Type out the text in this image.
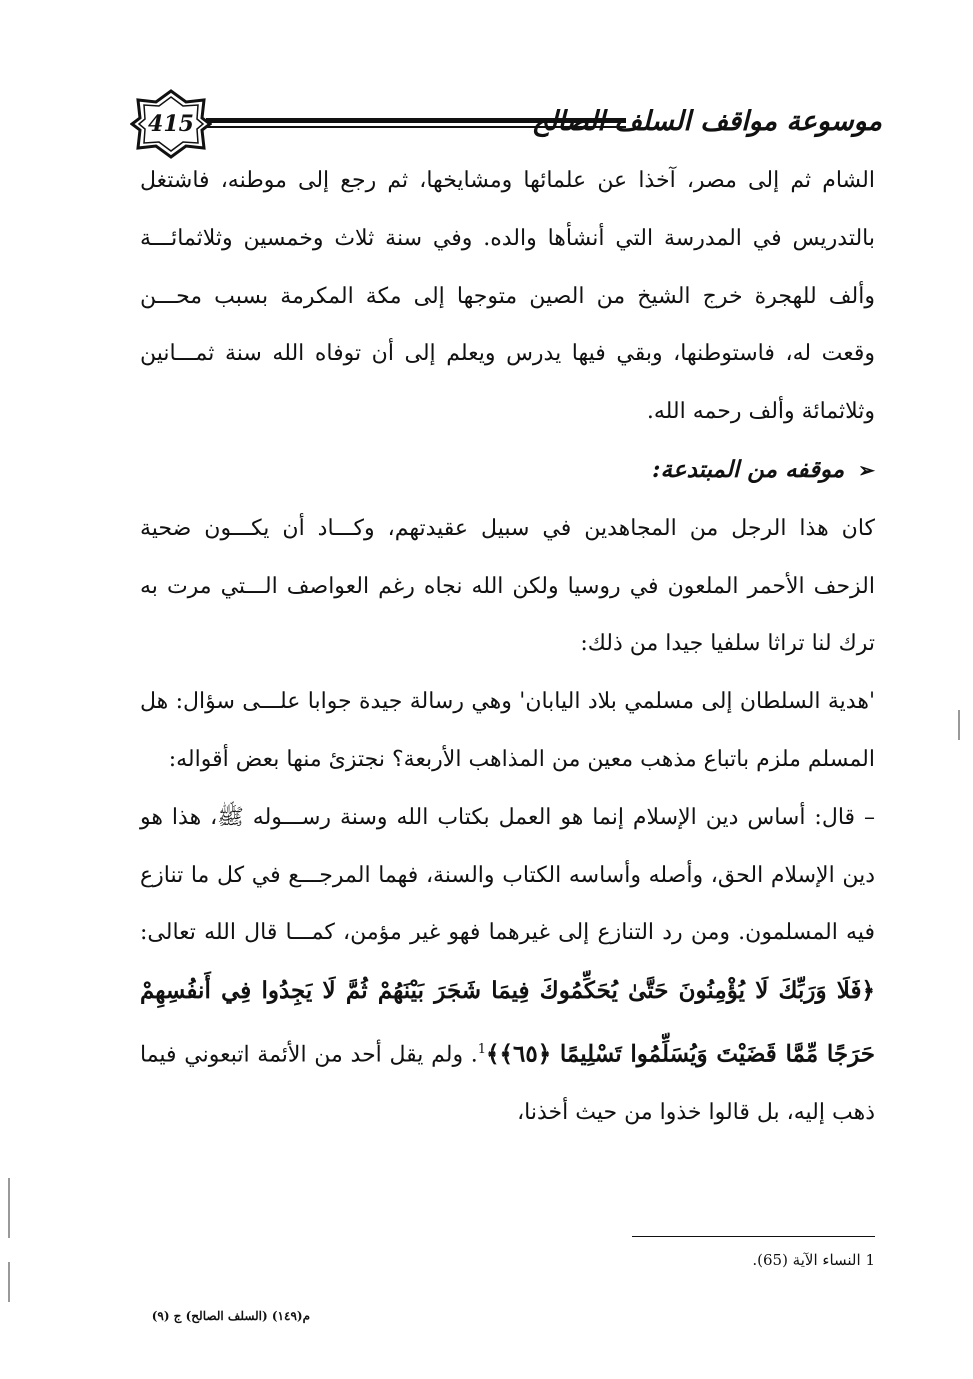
415	موسوعة مواقف السلف الصالح

الشام ثم إلى مصر، آخذا عن علمائها ومشايخها، ثم رجع إلى موطنه، فاشتغل بالتدريس في المدرسة التي أنشأها والده. وفي سنة ثلاث وخمسين وثلاثمائـــة وألف للهجرة خرج الشيخ من الصين متوجها إلى مكة المكرمة بسبب محـــن وقعت له، فاستوطنها، وبقي فيها يدرس ويعلم إلى أن توفاه الله سنة ثمـــانين وثلاثمائة وألف رحمه الله.

➢موقفه من المبتدعة:

كان هذا الرجل من المجاهدين في سبيل عقيدتهم، وكـــاد أن يكـــون ضحية الزحف الأحمر الملعون في روسيا ولكن الله نجاه رغم العواصف الـــتي مرت به ترك لنا تراثا سلفيا جيدا من ذلك:

'هدية السلطان إلى مسلمي بلاد اليابان' وهي رسالة جيدة جوابا علـــى سؤال: هل المسلم ملزم باتباع مذهب معين من المذاهب الأربعة؟ نجتزئ منها بعض أقواله:

– قال: أساس دين الإسلام إنما هو العمل بكتاب الله وسنة رســـوله ﷺ، هذا هو دين الإسلام الحق، وأصله وأساسه الكتاب والسنة، فهما المرجـــع في كل ما تنازع فيه المسلمون. ومن رد التنازع إلى غيرهما فهو غير مؤمن، كمـــا قال الله تعالى: ﴿فَلَا وَرَبِّكَ لَا يُؤْمِنُونَ حَتَّىٰ يُحَكِّمُوكَ فِيمَا شَجَرَ بَيْنَهُمْ ثُمَّ لَا يَجِدُوا فِي أَنفُسِهِمْ حَرَجًا مِّمَّا قَضَيْتَ وَيُسَلِّمُوا تَسْلِيمًا ﴿٦٥﴾﴾$^1$. ولم يقل أحد من الأئمة اتبعوني فيما ذهب إليه، بل قالوا خذوا من حيث أخذنا،

1 النساء الآية (65).
م(١٤٩) (السلف الصالح) ج (٩)
